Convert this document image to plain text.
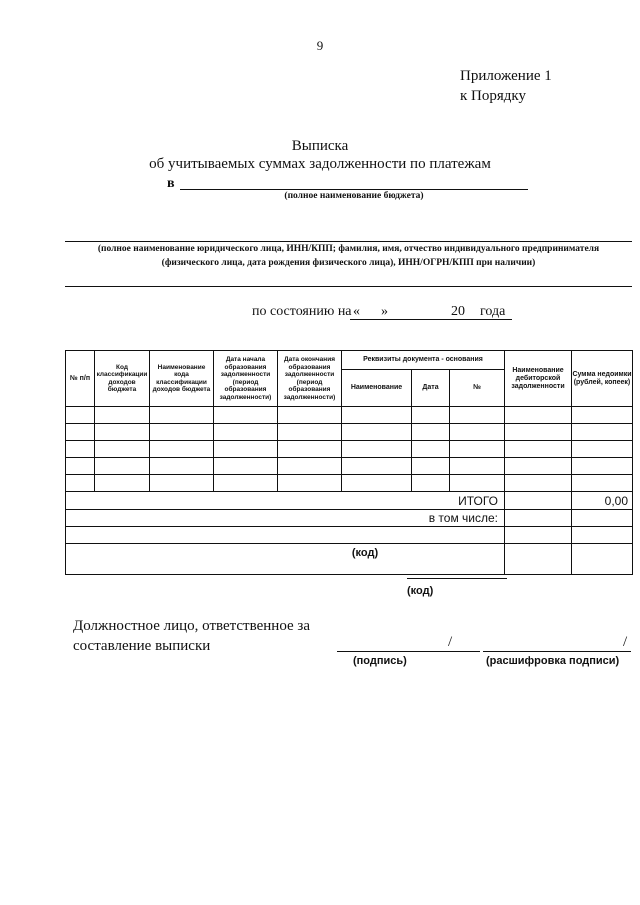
9
Приложение 1
к Порядку
Выписка
об учитываемых суммах задолженности по платежам
в
(полное наименование бюджета)
(полное наименование юридического лица, ИНН/КПП; фамилия, имя, отчество индивидуального предпринимателя
(физического лица, дата рождения физического лица), ИНН/ОГРН/КПП при наличии)
по состоянию на « »	20 года
№ п/п	Код классификации доходов бюджета	Наименование кода классификации доходов бюджета	Дата начала образования задолженности (период образования задолженности)	Дата окончания образования задолженности (период образования задолженности)	Реквизиты документа - основания			Наименование дебиторской задолженности	Сумма недоимки (рублей, копеек)
					Наименование	Дата	№		

ИТОГО									0,00
в том числе:									

(код)									
(код)
Должностное лицо, ответственное за
составление выписки	/	/
(подпись)	(расшифровка подписи)
